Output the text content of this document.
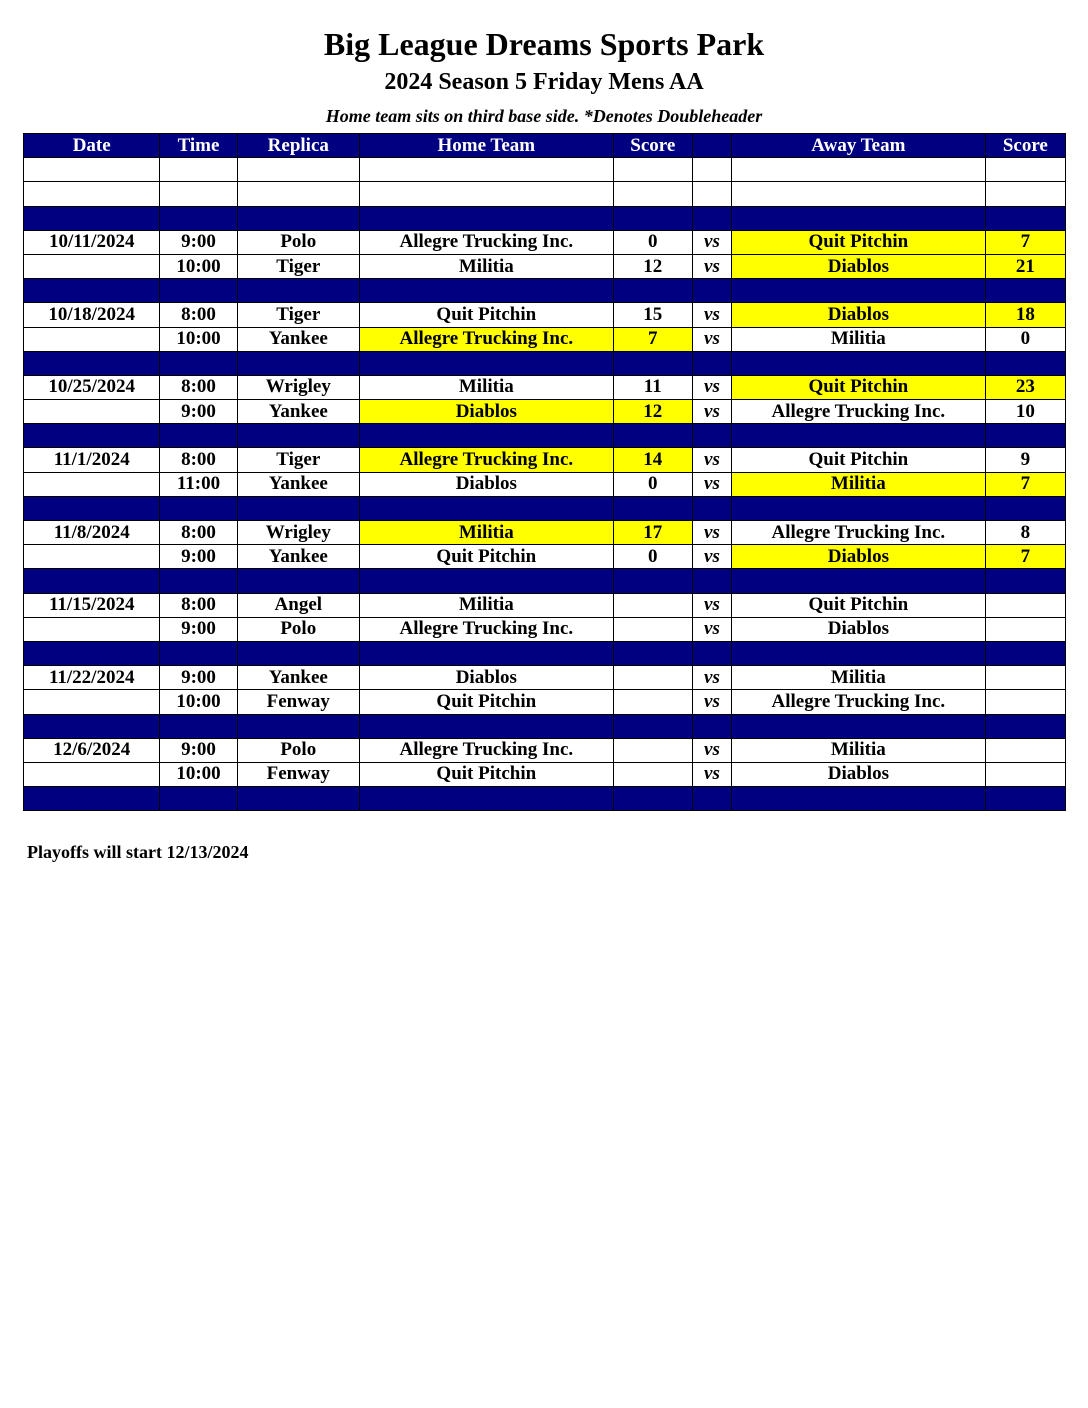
Big League Dreams Sports Park
2024 Season 5 Friday Mens AA
Home team sits on third base side. *Denotes Doubleheader
Date	Time	Replica	Home Team	Score		Away Team	Score

10/11/2024	9:00	Polo	Allegre Trucking Inc.	0	vs	Quit Pitchin	7
	10:00	Tiger	Militia	12	vs	Diablos	21

10/18/2024	8:00	Tiger	Quit Pitchin	15	vs	Diablos	18
	10:00	Yankee	Allegre Trucking Inc.	7	vs	Militia	0

10/25/2024	8:00	Wrigley	Militia	11	vs	Quit Pitchin	23
	9:00	Yankee	Diablos	12	vs	Allegre Trucking Inc.	10

11/1/2024	8:00	Tiger	Allegre Trucking Inc.	14	vs	Quit Pitchin	9
	11:00	Yankee	Diablos	0	vs	Militia	7

11/8/2024	8:00	Wrigley	Militia	17	vs	Allegre Trucking Inc.	8
	9:00	Yankee	Quit Pitchin	0	vs	Diablos	7

11/15/2024	8:00	Angel	Militia		vs	Quit Pitchin	
	9:00	Polo	Allegre Trucking Inc.		vs	Diablos	

11/22/2024	9:00	Yankee	Diablos		vs	Militia	
	10:00	Fenway	Quit Pitchin		vs	Allegre Trucking Inc.	

12/6/2024	9:00	Polo	Allegre Trucking Inc.		vs	Militia	
	10:00	Fenway	Quit Pitchin		vs	Diablos	

Playoffs will start 12/13/2024
